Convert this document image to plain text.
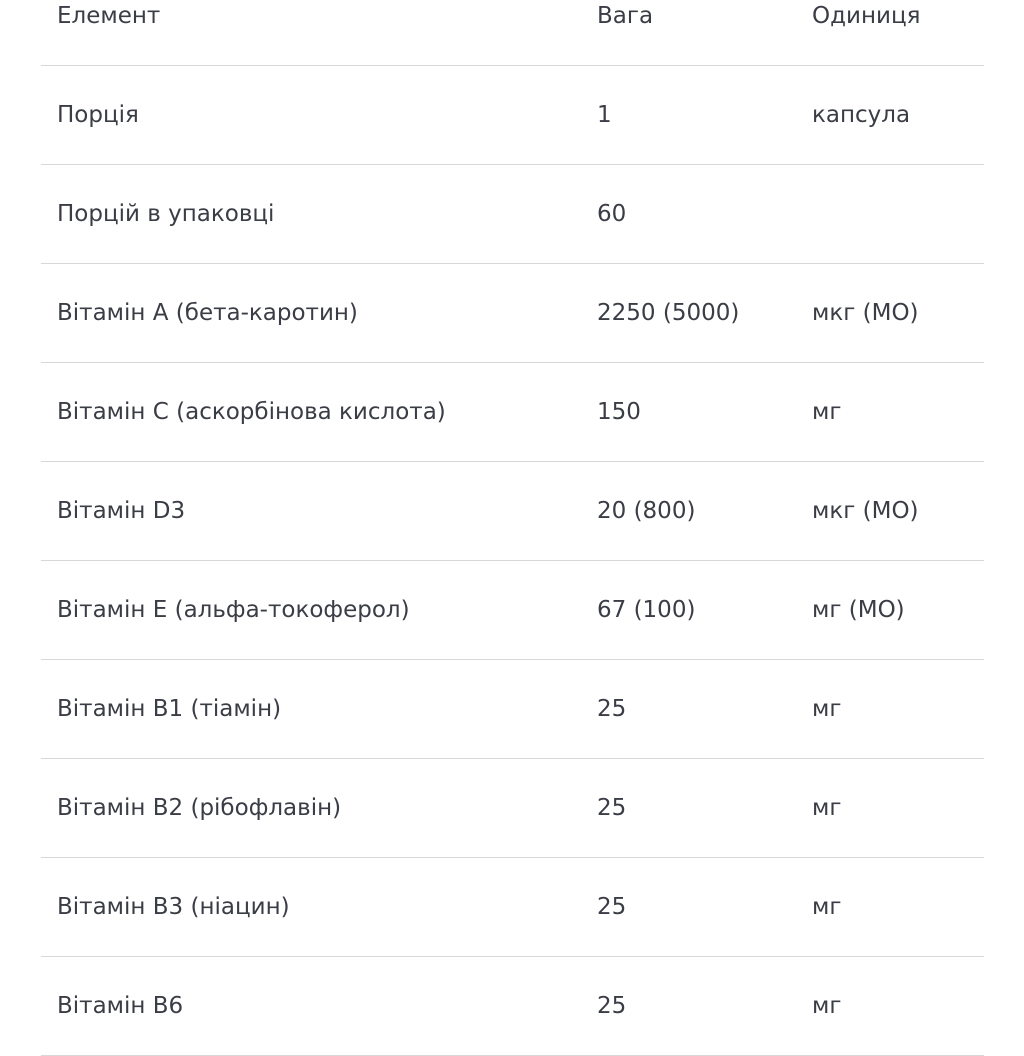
Елемент	Вага	Одиниця
Порція	1	капсула
Порцій в упаковці	60
Вітамін А (бета-каротин)	2250 (5000)	мкг (МО)
Вітамін С (аскорбінова кислота)	150	мг
Вітамін D3	20 (800)	мкг (МО)
Вітамін Е (альфа-токоферол)	67 (100)	мг (МО)
Вітамін В1 (тіамін)	25	мг
Вітамін В2 (рібофлавін)	25	мг
Вітамін В3 (ніацин)	25	мг
Вітамін В6	25	мг
